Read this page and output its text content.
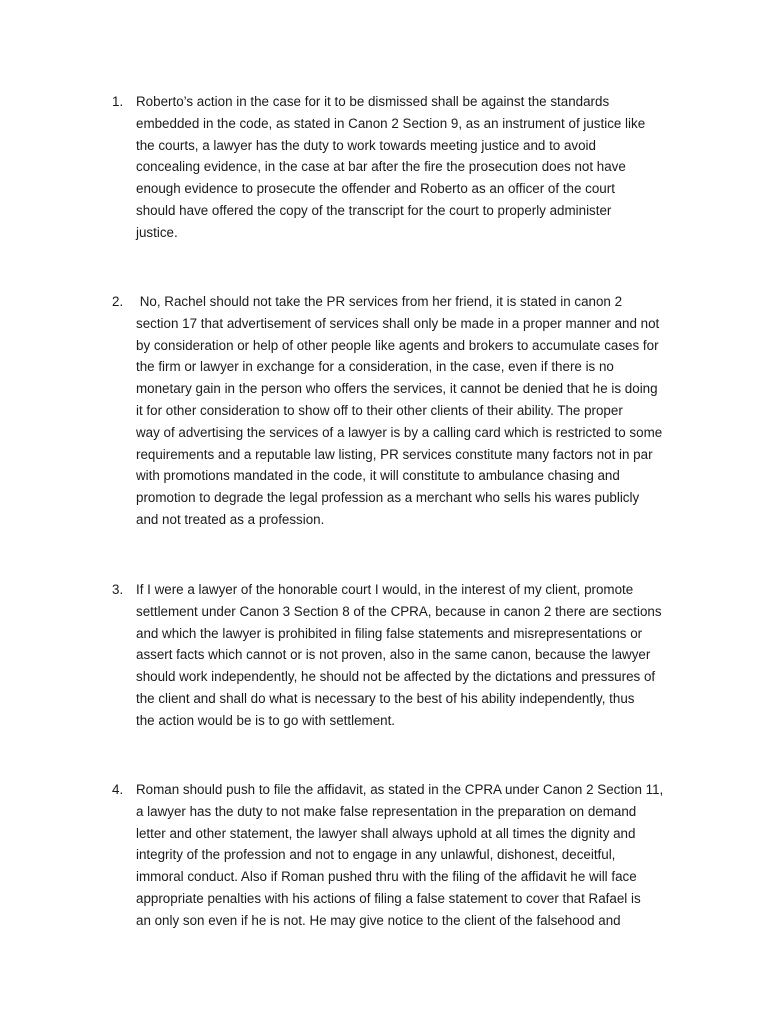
1. Roberto’s action in the case for it to be dismissed shall be against the standards
embedded in the code, as stated in Canon 2 Section 9, as an instrument of justice like
the courts, a lawyer has the duty to work towards meeting justice and to avoid
concealing evidence, in the case at bar after the fire the prosecution does not have
enough evidence to prosecute the offender and Roberto as an officer of the court
should have offered the copy of the transcript for the court to properly administer
justice.
2. No, Rachel should not take the PR services from her friend, it is stated in canon 2
section 17 that advertisement of services shall only be made in a proper manner and not
by consideration or help of other people like agents and brokers to accumulate cases for
the firm or lawyer in exchange for a consideration, in the case, even if there is no
monetary gain in the person who offers the services, it cannot be denied that he is doing
it for other consideration to show off to their other clients of their ability. The proper
way of advertising the services of a lawyer is by a calling card which is restricted to some
requirements and a reputable law listing, PR services constitute many factors not in par
with promotions mandated in the code, it will constitute to ambulance chasing and
promotion to degrade the legal profession as a merchant who sells his wares publicly
and not treated as a profession.
3. If I were a lawyer of the honorable court I would, in the interest of my client, promote
settlement under Canon 3 Section 8 of the CPRA, because in canon 2 there are sections
and which the lawyer is prohibited in filing false statements and misrepresentations or
assert facts which cannot or is not proven, also in the same canon, because the lawyer
should work independently, he should not be affected by the dictations and pressures of
the client and shall do what is necessary to the best of his ability independently, thus
the action would be is to go with settlement.
4. Roman should push to file the affidavit, as stated in the CPRA under Canon 2 Section 11,
a lawyer has the duty to not make false representation in the preparation on demand
letter and other statement, the lawyer shall always uphold at all times the dignity and
integrity of the profession and not to engage in any unlawful, dishonest, deceitful,
immoral conduct. Also if Roman pushed thru with the filing of the affidavit he will face
appropriate penalties with his actions of filing a false statement to cover that Rafael is
an only son even if he is not. He may give notice to the client of the falsehood and
